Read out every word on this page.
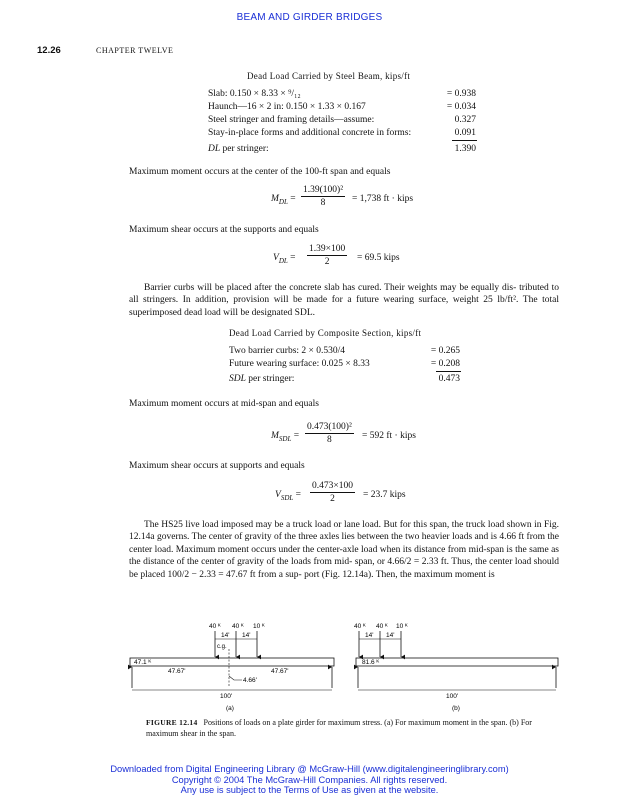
BEAM AND GIRDER BRIDGES
12.26	CHAPTER TWELVE
Dead Load Carried by Steel Beam, kips/ft
Slab: 0.150 × 8.33 × ⁹/₁₂	= 0.938
Haunch—16 × 2 in: 0.150 × 1.33 × 0.167	= 0.034
Steel stringer and framing details—assume:	0.327
Stay-in-place forms and additional concrete in forms:	0.091
DL per stringer:	1.390
Maximum moment occurs at the center of the 100-ft span and equals
$M_{DL} = \frac{\text{1.39(100)²}}{8} = 1,738$ ft · kips
Maximum shear occurs at the supports and equals
$V_{DL} = \frac{1.39\times 100}{2} = 69.5$ kips
Barrier curbs will be placed after the concrete slab has cured. Their weights may be equally dis- tributed to all stringers. In addition, provision will be made for a future wearing surface, weight 25 lb/ft². The total superimposed dead load will be designated SDL.
Dead Load Carried by Composite Section, kips/ft
Two barrier curbs: 2 × 0.530/4	= 0.265
Future wearing surface: 0.025 × 8.33	= 0.208
SDL per stringer:	0.473
Maximum moment occurs at mid-span and equals
$M_{SDL} = \frac{\text{0.473(100)²}}{8} = 592$ ft · kips
Maximum shear occurs at supports and equals
$V_{SDL} = \frac{0.473\times 100}{2} = 23.7$ kips
The HS25 live load imposed may be a truck load or lane load. But for this span, the truck load shown in Fig. 12.14a governs. The center of gravity of the three axles lies between the two heavier loads and is 4.66 ft from the center load. Maximum moment occurs under the center-axle load when its distance from mid-span is the same as the distance of the center of gravity of the loads from mid- span, or 4.66/2 = 2.33 ft. Thus, the center load should be placed 100/2 − 2.33 = 47.67 ft from a sup- port (Fig. 12.14a). Then, the maximum moment is
40 ᴷ 40 ᴷ 10 ᴷ
14' 14'
c.g.
47.1 ᴷ
47.67'	47.67'
4.66'
100'
(a)
40 ᴷ 40 ᴷ 10 ᴷ
14' 14'
81.6 ᴷ
100'
(b)
FIGURE 12.14 Positions of loads on a plate girder for maximum stress. (a) For maximum moment in the span. (b) For maximum shear in the span.
Downloaded from Digital Engineering Library @ McGraw-Hill (www.digitalengineeringlibrary.com)
Copyright © 2004 The McGraw-Hill Companies. All rights reserved.
Any use is subject to the Terms of Use as given at the website.
